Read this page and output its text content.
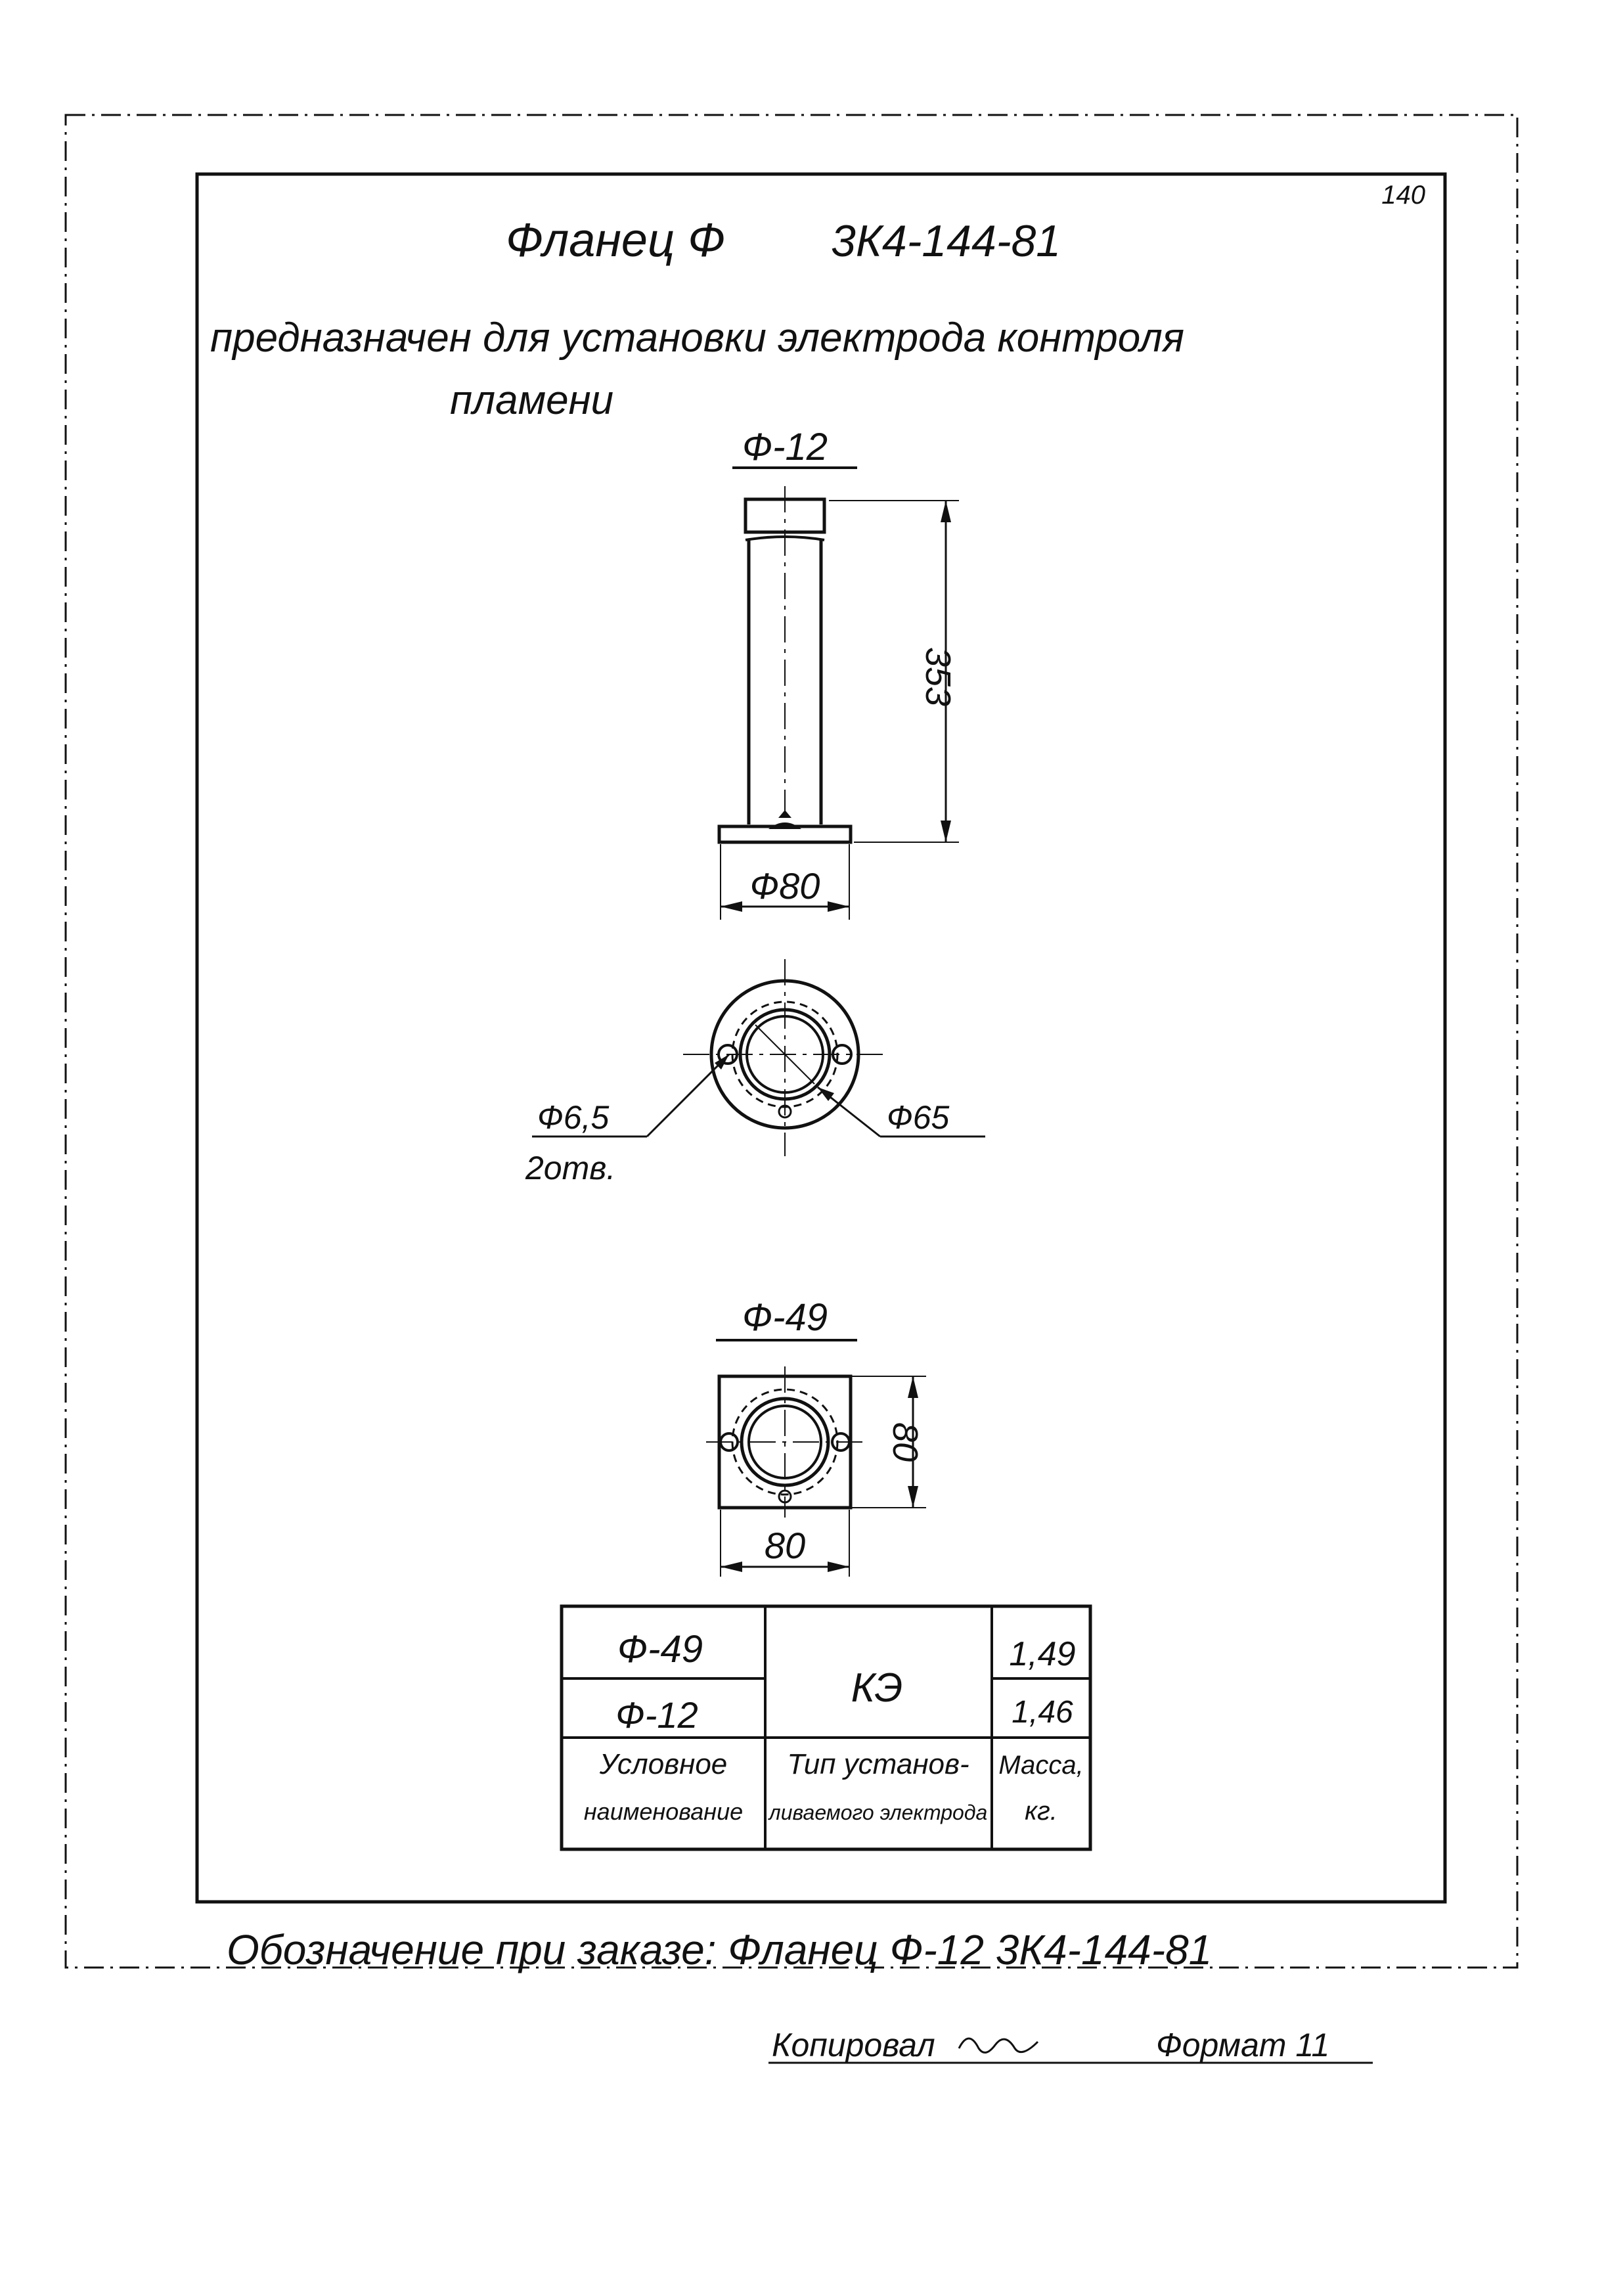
140
Фланец Ф 3К4-144-81
предназначен для установки электрода контроля
пламени
Ф-12
353
Ф80
Ф6,5
2отв.
Ф65
Ф-49
80
80
Ф-49
Ф-12
КЭ
1,49
1,46
Условное
наименование
Тип установ-
ливаемого электрода
Масса,
кг.
Обозначение при заказе: Фланец Ф-12 3К4-144-81
Копировал	Формат 11
